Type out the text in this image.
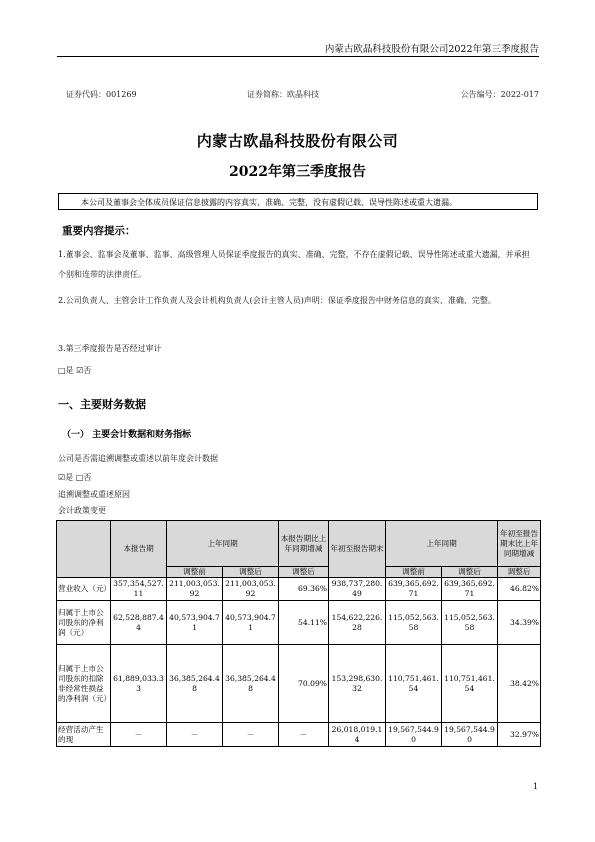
内蒙古欧晶科技股份有限公司2022年第三季度报告
证券代码：001269	证券简称：欧晶科技	公告编号：2022-017
内蒙古欧晶科技股份有限公司
2022年第三季度报告
本公司及董事会全体成员保证信息披露的内容真实、准确、完整，没有虚假记载、误导性陈述或重大遗漏。
重要内容提示：
1.董事会、监事会及董事、监事、高级管理人员保证季度报告的真实、准确、完整，不存在虚假记载、误导性陈述或重大遗漏，并承担个别和连带的法律责任。
2.公司负责人、主管会计工作负责人及会计机构负责人(会计主管人员)声明：保证季度报告中财务信息的真实、准确、完整。
3.第三季度报告是否经过审计
□是 ☑否
一、主要财务数据
（一） 主要会计数据和财务指标
公司是否需追溯调整或重述以前年度会计数据
☑是 □否
追溯调整或重述原因
会计政策变更
	本报告期	上年同期		本报告期比上年同期增减	年初至报告期末	上年同期		年初至报告期末比上年同期增减
		调整前	调整后	调整后		调整前	调整后	调整后
营业收入（元）	357,354,527.11	211,003,053.92	211,003,053.92	69.36%	938,737,280.49	639,365,692.71	639,365,692.71	46.82%
归属于上市公司股东的净利润（元）	62,528,887.44	40,573,904.71	40,573,904.71	54.11%	154,622,226.28	115,052,563.58	115,052,563.58	34.39%
归属于上市公司股东的扣除非经常性损益的净利润（元）	61,889,033.33	36,385,264.48	36,385,264.48	70.09%	153,298,630.32	110,751,461.54	110,751,461.54	38.42%
经营活动产生的现	－	－	－	－	26,018,019.14	19,567,544.90	19,567,544.90	32.97%
1
